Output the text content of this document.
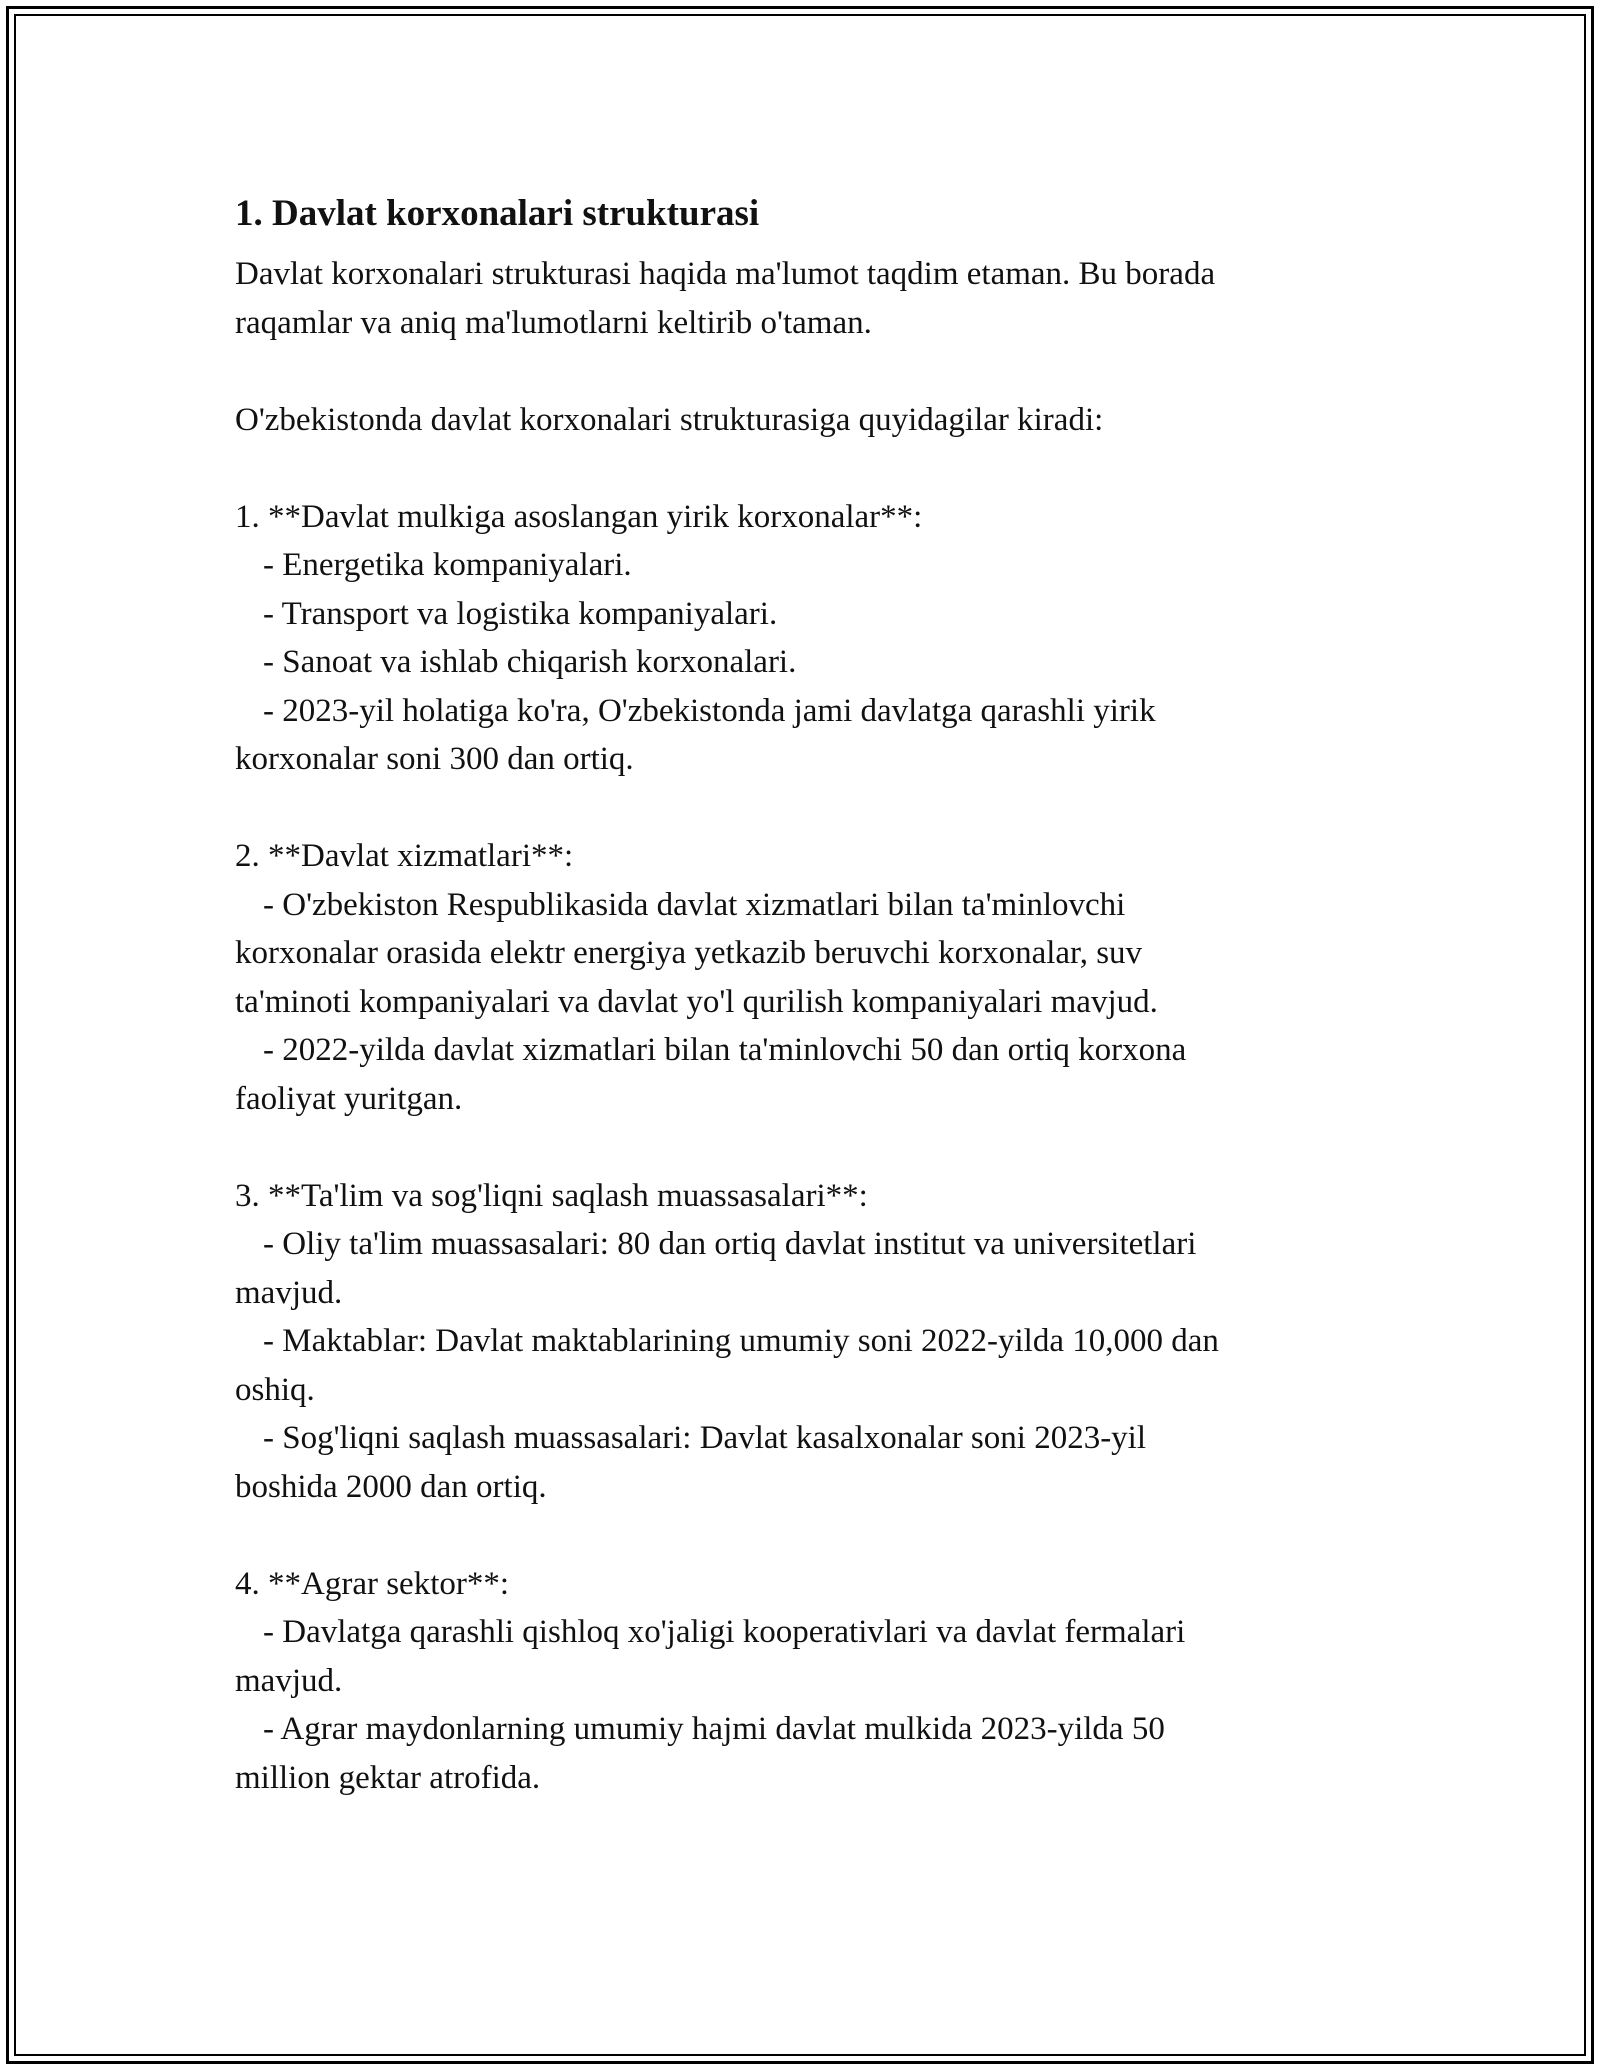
1. Davlat korxonalari strukturasi

Davlat korxonalari strukturasi haqida ma'lumot taqdim etaman. Bu borada

raqamlar va aniq ma'lumotlarni keltirib o'taman.

O'zbekistonda davlat korxonalari strukturasiga quyidagilar kiradi:

1. **Davlat mulkiga asoslangan yirik korxonalar**:

- Energetika kompaniyalari.

- Transport va logistika kompaniyalari.

- Sanoat va ishlab chiqarish korxonalari.

- 2023-yil holatiga ko'ra, O'zbekistonda jami davlatga qarashli yirik

korxonalar soni 300 dan ortiq.

2. **Davlat xizmatlari**:

- O'zbekiston Respublikasida davlat xizmatlari bilan ta'minlovchi

korxonalar orasida elektr energiya yetkazib beruvchi korxonalar, suv

ta'minoti kompaniyalari va davlat yo'l qurilish kompaniyalari mavjud.

- 2022-yilda davlat xizmatlari bilan ta'minlovchi 50 dan ortiq korxona

faoliyat yuritgan.

3. **Ta'lim va sog'liqni saqlash muassasalari**:

- Oliy ta'lim muassasalari: 80 dan ortiq davlat institut va universitetlari

mavjud.

- Maktablar: Davlat maktablarining umumiy soni 2022-yilda 10,000 dan

oshiq.

- Sog'liqni saqlash muassasalari: Davlat kasalxonalar soni 2023-yil

boshida 2000 dan ortiq.

4. **Agrar sektor**:

- Davlatga qarashli qishloq xo'jaligi kooperativlari va davlat fermalari

mavjud.

- Agrar maydonlarning umumiy hajmi davlat mulkida 2023-yilda 50

million gektar atrofida.
